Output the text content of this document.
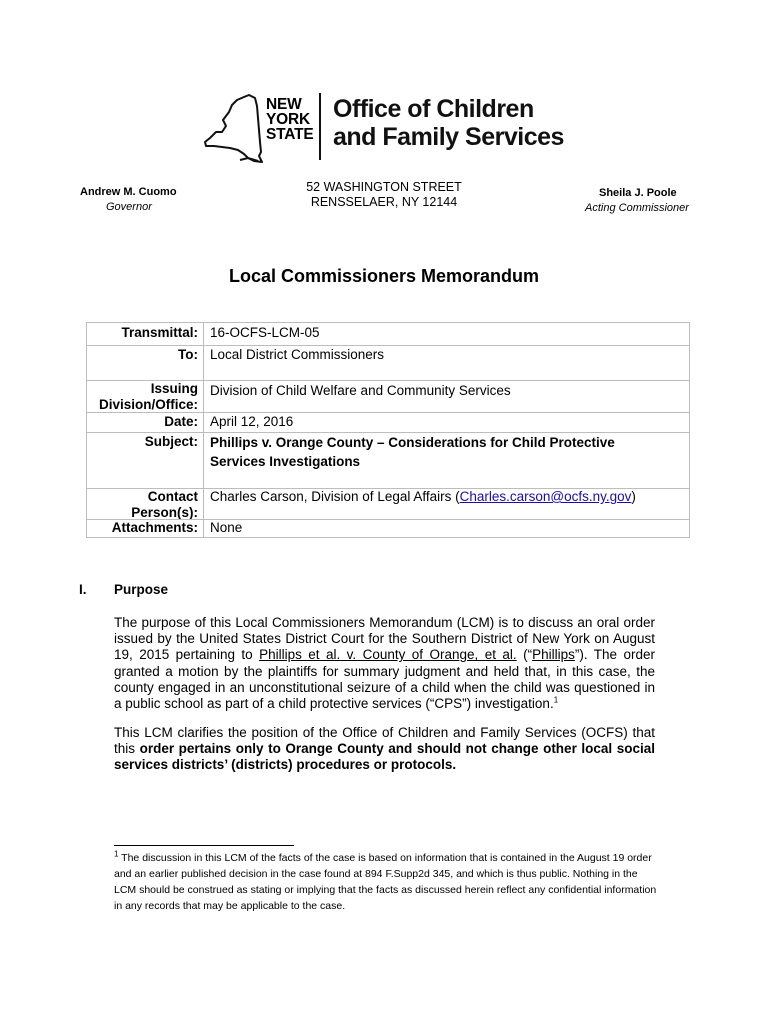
NEW
YORK
STATE
Office of Children
and Family Services
Andrew M. Cuomo
Governor
52 WASHINGTON STREET
RENSSELAER, NY 12144
Sheila J. Poole
Acting Commissioner
Local Commissioners Memorandum
Transmittal: 16-OCFS-LCM-05
To: Local District Commissioners
Issuing
Division/Office:
Division of Child Welfare and Community Services
Date: April 12, 2016
Subject: Phillips v. Orange County – Considerations for Child Protective
Services Investigations
Contact
Person(s):
Charles Carson, Division of Legal Affairs (Charles.carson@ocfs.ny.gov)
Attachments: None
I. Purpose

The purpose of this Local Commissioners Memorandum (LCM) is to discuss an oral order issued by the United States District Court for the Southern District of New York on August 19, 2015 pertaining to Phillips et al. v. County of Orange, et al. (“Phillips”). The order granted a motion by the plaintiffs for summary judgment and held that, in this case, the county engaged in an unconstitutional seizure of a child when the child was questioned in a public school as part of a child protective services (“CPS”) investigation.$^1$

This LCM clarifies the position of the Office of Children and Family Services (OCFS) that this order pertains only to Orange County and should not change other local social services districts’ (districts) procedures or protocols.

$^1$ The discussion in this LCM of the facts of the case is based on information that is contained in the August 19 order and an earlier published decision in the case found at 894 F.Supp2d 345, and which is thus public. Nothing in the LCM should be construed as stating or implying that the facts as discussed herein reflect any confidential information in any records that may be applicable to the case.
